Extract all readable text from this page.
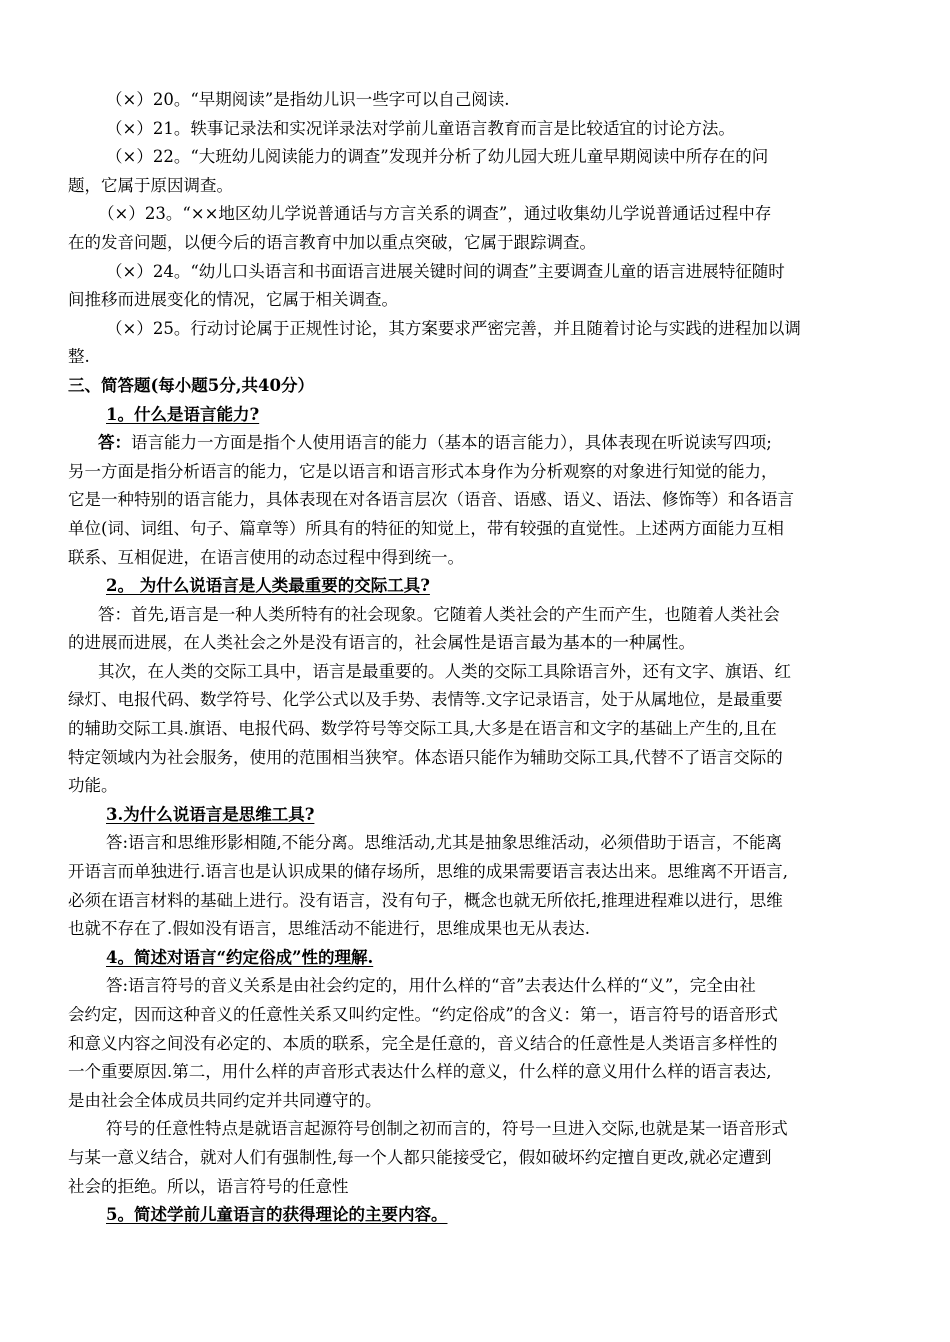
（×）20。“早期阅读”是指幼儿识一些字可以自己阅读.
（×）21。轶事记录法和实况详录法对学前儿童语言教育而言是比较适宜的讨论方法。
（×）22。“大班幼儿阅读能力的调查”发现并分析了幼儿园大班儿童早期阅读中所存在的问
题，它属于原因调查。
（×）23。“××地区幼儿学说普通话与方言关系的调查”，通过收集幼儿学说普通话过程中存
在的发音问题，以便今后的语言教育中加以重点突破，它属于跟踪调查。
（×）24。“幼儿口头语言和书面语言进展关键时间的调查”主要调查儿童的语言进展特征随时
间推移而进展变化的情况，它属于相关调查。
（×）25。行动讨论属于正规性讨论，其方案要求严密完善，并且随着讨论与实践的进程加以调
整.
三、简答题(每小题5分,共40分）
1。什么是语言能力?
答：语言能力一方面是指个人使用语言的能力（基本的语言能力），具体表现在听说读写四项;
另一方面是指分析语言的能力，它是以语言和语言形式本身作为分析观察的对象进行知觉的能力，
它是一种特别的语言能力，具体表现在对各语言层次（语音、语感、语义、语法、修饰等）和各语言
单位(词、词组、句子、篇章等）所具有的特征的知觉上，带有较强的直觉性。上述两方面能力互相
联系、互相促进，在语言使用的动态过程中得到统一。
2。 为什么说语言是人类最重要的交际工具?
答：首先,语言是一种人类所特有的社会现象。它随着人类社会的产生而产生，也随着人类社会
的进展而进展，在人类社会之外是没有语言的，社会属性是语言最为基本的一种属性。
其次，在人类的交际工具中，语言是最重要的。人类的交际工具除语言外，还有文字、旗语、红
绿灯、电报代码、数学符号、化学公式以及手势、表情等.文字记录语言，处于从属地位，是最重要
的辅助交际工具.旗语、电报代码、数学符号等交际工具,大多是在语言和文字的基础上产生的,且在
特定领域内为社会服务，使用的范围相当狭窄。体态语只能作为辅助交际工具,代替不了语言交际的
功能。
3.为什么说语言是思维工具?
答:语言和思维形影相随,不能分离。思维活动,尤其是抽象思维活动，必须借助于语言，不能离
开语言而单独进行.语言也是认识成果的储存场所，思维的成果需要语言表达出来。思维离不开语言,
必须在语言材料的基础上进行。没有语言，没有句子，概念也就无所依托,推理进程难以进行，思维
也就不存在了.假如没有语言，思维活动不能进行，思维成果也无从表达.
4。简述对语言“约定俗成”性的理解.
答:语言符号的音义关系是由社会约定的，用什么样的“音”去表达什么样的“义”，完全由社
会约定，因而这种音义的任意性关系又叫约定性。“约定俗成”的含义：第一，语言符号的语音形式
和意义内容之间没有必定的、本质的联系，完全是任意的，音义结合的任意性是人类语言多样性的
一个重要原因.第二，用什么样的声音形式表达什么样的意义，什么样的意义用什么样的语言表达,
是由社会全体成员共同约定并共同遵守的。
符号的任意性特点是就语言起源符号创制之初而言的，符号一旦进入交际,也就是某一语音形式
与某一意义结合，就对人们有强制性,每一个人都只能接受它，假如破坏约定擅自更改,就必定遭到
社会的拒绝。所以，语言符号的任意性
5。简述学前儿童语言的获得理论的主要内容。
